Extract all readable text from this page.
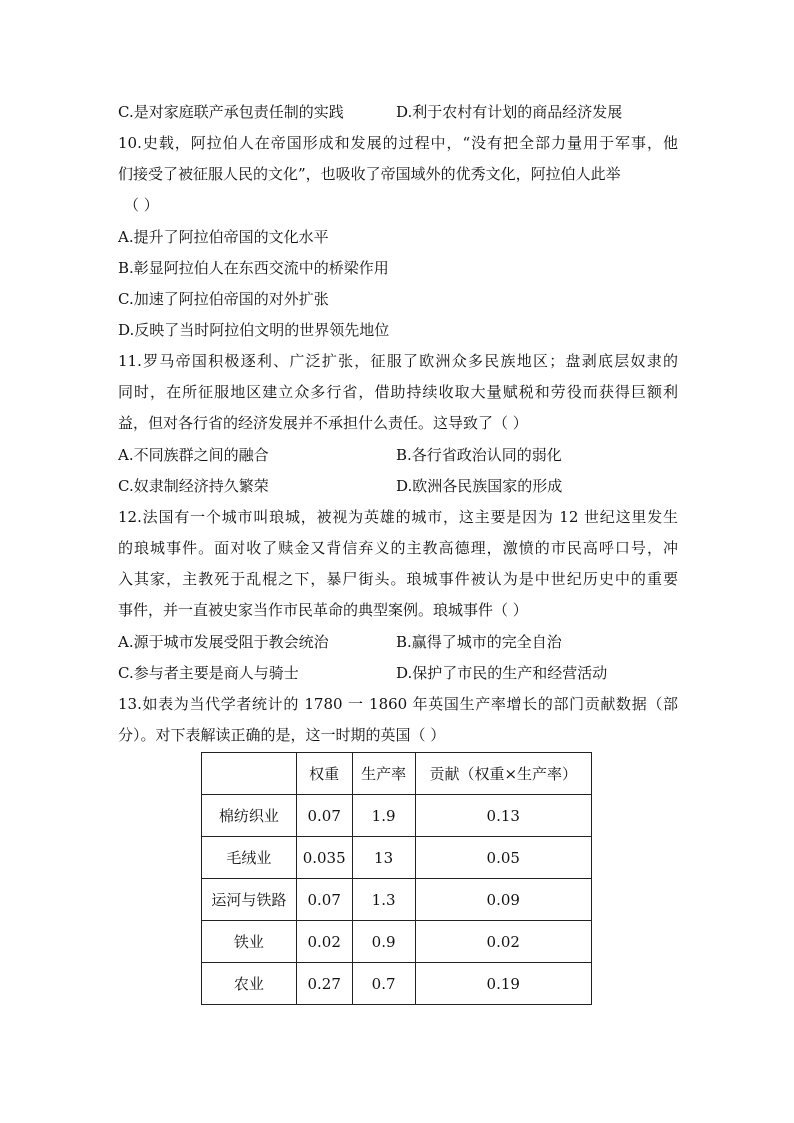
C.是对家庭联产承包责任制的实践	D.利于农村有计划的商品经济发展
10.史载，阿拉伯人在帝国形成和发展的过程中，“没有把全部力量用于军事，他
们接受了被征服人民的文化”，也吸收了帝国域外的优秀文化，阿拉伯人此举
（ ）
A.提升了阿拉伯帝国的文化水平
B.彰显阿拉伯人在东西交流中的桥梁作用
C.加速了阿拉伯帝国的对外扩张
D.反映了当时阿拉伯文明的世界领先地位
11.罗马帝国积极逐利、广泛扩张，征服了欧洲众多民族地区；盘剥底层奴隶的
同时，在所征服地区建立众多行省，借助持续收取大量赋税和劳役而获得巨额利
益，但对各行省的经济发展并不承担什么责任。这导致了（ ）
A.不同族群之间的融合	B.各行省政治认同的弱化
C.奴隶制经济持久繁荣	D.欧洲各民族国家的形成
12.法国有一个城市叫琅城，被视为英雄的城市，这主要是因为 12 世纪这里发生
的琅城事件。面对收了赎金又背信弃义的主教高德理，激愤的市民高呼口号，冲
入其家，主教死于乱棍之下，暴尸街头。琅城事件被认为是中世纪历史中的重要
事件，并一直被史家当作市民革命的典型案例。琅城事件（ ）
A.源于城市发展受阻于教会统治	B.赢得了城市的完全自治
C.参与者主要是商人与骑士	D.保护了市民的生产和经营活动
13.如表为当代学者统计的 1780 一 1860 年英国生产率增长的部门贡献数据（部
分）。对下表解读正确的是，这一时期的英国（ ）
	权重	生产率	贡献（权重×生产率）
棉纺织业	0.07	1.9	0.13
毛绒业	0.035	13	0.05
运河与铁路	0.07	1.3	0.09
铁业	0.02	0.9	0.02
农业	0.27	0.7	0.19
